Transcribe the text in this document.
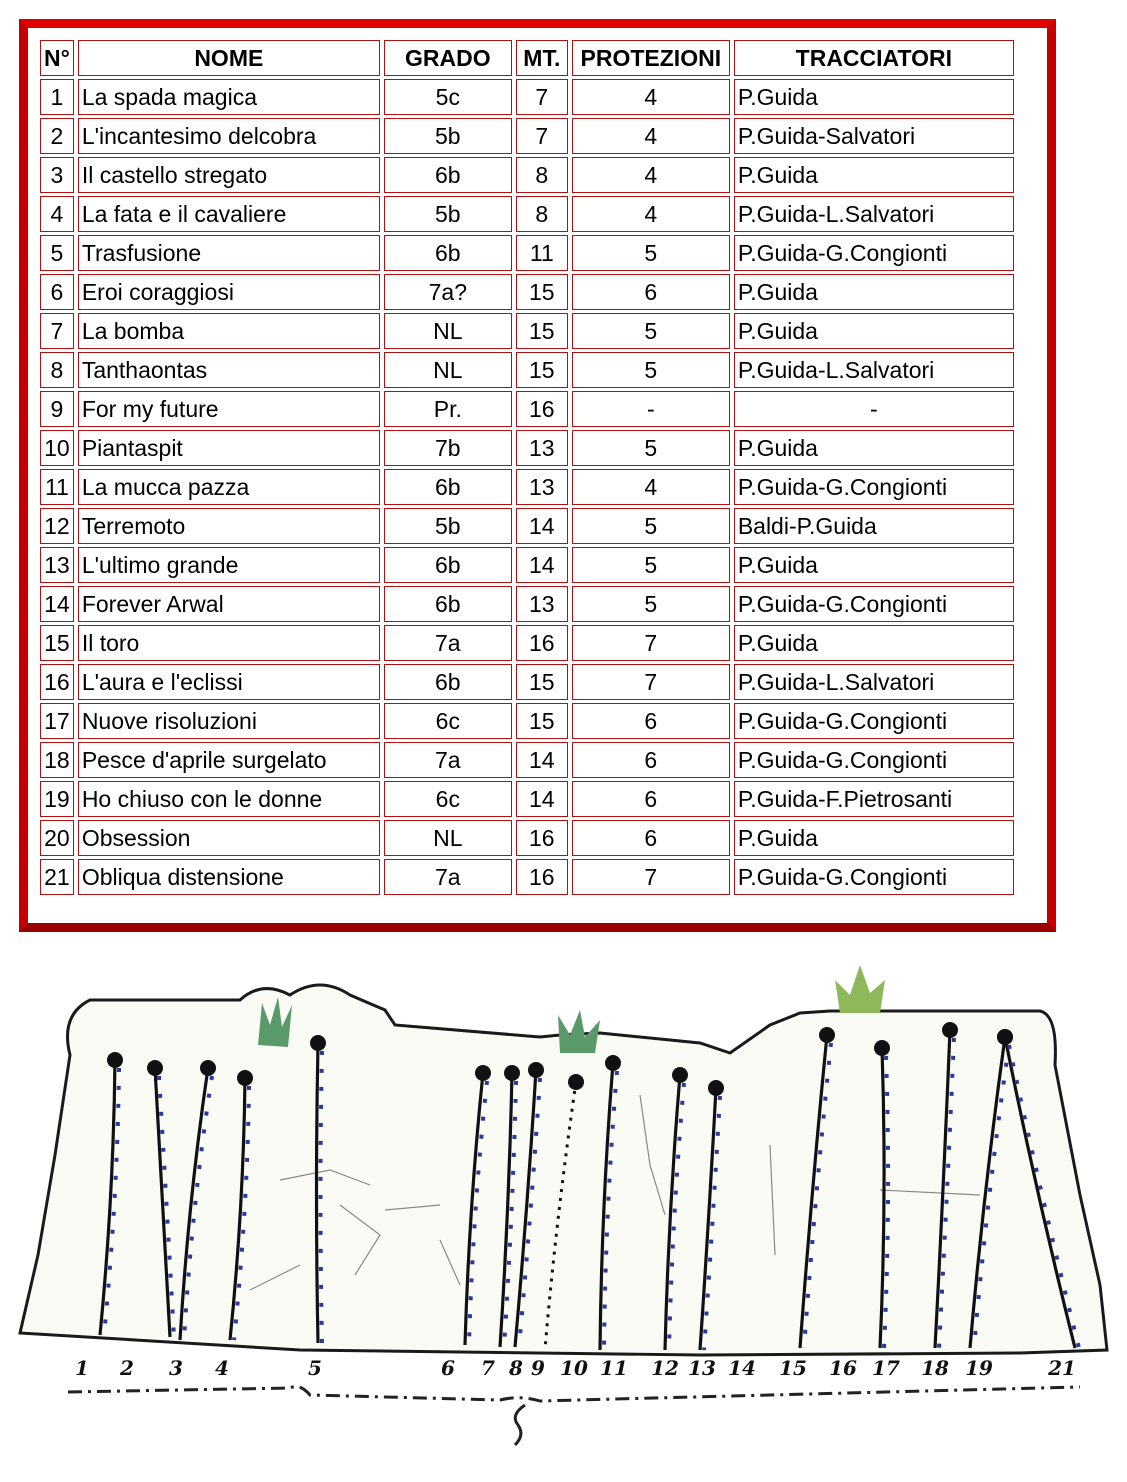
N°	NOME	GRADO	MT.	PROTEZIONI	TRACCIATORI
1	La spada magica	5c	7	4	P.Guida
2	L'incantesimo delcobra	5b	7	4	P.Guida-Salvatori
3	Il castello stregato	6b	8	4	P.Guida
4	La fata e il cavaliere	5b	8	4	P.Guida-L.Salvatori
5	Trasfusione	6b	11	5	P.Guida-G.Congionti
6	Eroi coraggiosi	7a?	15	6	P.Guida
7	La bomba	NL	15	5	P.Guida
8	Tanthaontas	NL	15	5	P.Guida-L.Salvatori
9	For my future	Pr.	16	-	-
10	Piantaspit	7b	13	5	P.Guida
11	La mucca pazza	6b	13	4	P.Guida-G.Congionti
12	Terremoto	5b	14	5	Baldi-P.Guida
13	L'ultimo grande	6b	14	5	P.Guida
14	Forever Arwal	6b	13	5	P.Guida-G.Congionti
15	Il toro	7a	16	7	P.Guida
16	L'aura e l'eclissi	6b	15	7	P.Guida-L.Salvatori
17	Nuove risoluzioni	6c	15	6	P.Guida-G.Congionti
18	Pesce d'aprile surgelato	7a	14	6	P.Guida-G.Congionti
19	Ho chiuso con le donne	6c	14	6	P.Guida-F.Pietrosanti
20	Obsession	NL	16	6	P.Guida
21	Obliqua distensione	7a	16	7	P.Guida-G.Congionti
1 2 3 4	5	6 7 8 9 10 11 12 13 14 15 16 17 18 19	21
